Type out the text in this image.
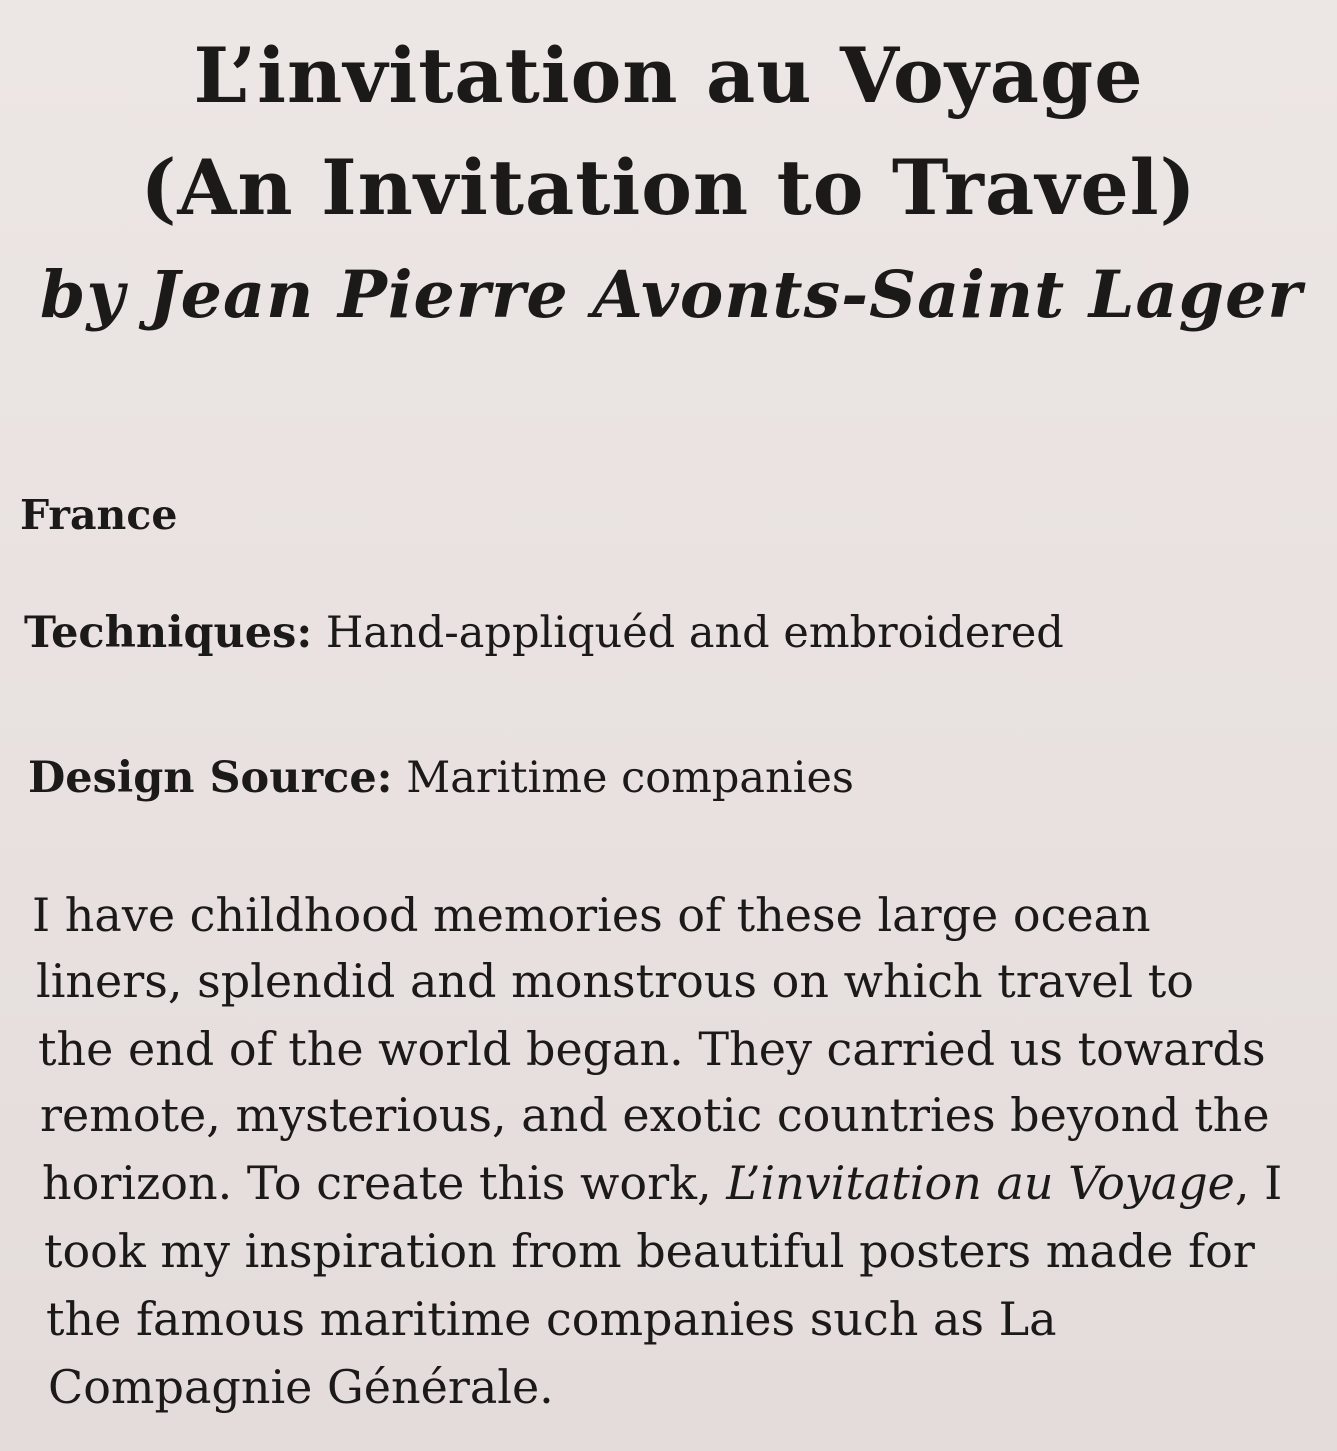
L’invitation au Voyage
(An Invitation to Travel)
by Jean Pierre Avonts-Saint Lager
France
Techniques: Hand-appliquéd and embroidered
Design Source: Maritime companies
I have childhood memories of these large ocean
liners, splendid and monstrous on which travel to
the end of the world began. They carried us towards
remote, mysterious, and exotic countries beyond the
horizon. To create this work, L’invitation au Voyage, I
took my inspiration from beautiful posters made for
the famous maritime companies such as La
Compagnie Générale.
